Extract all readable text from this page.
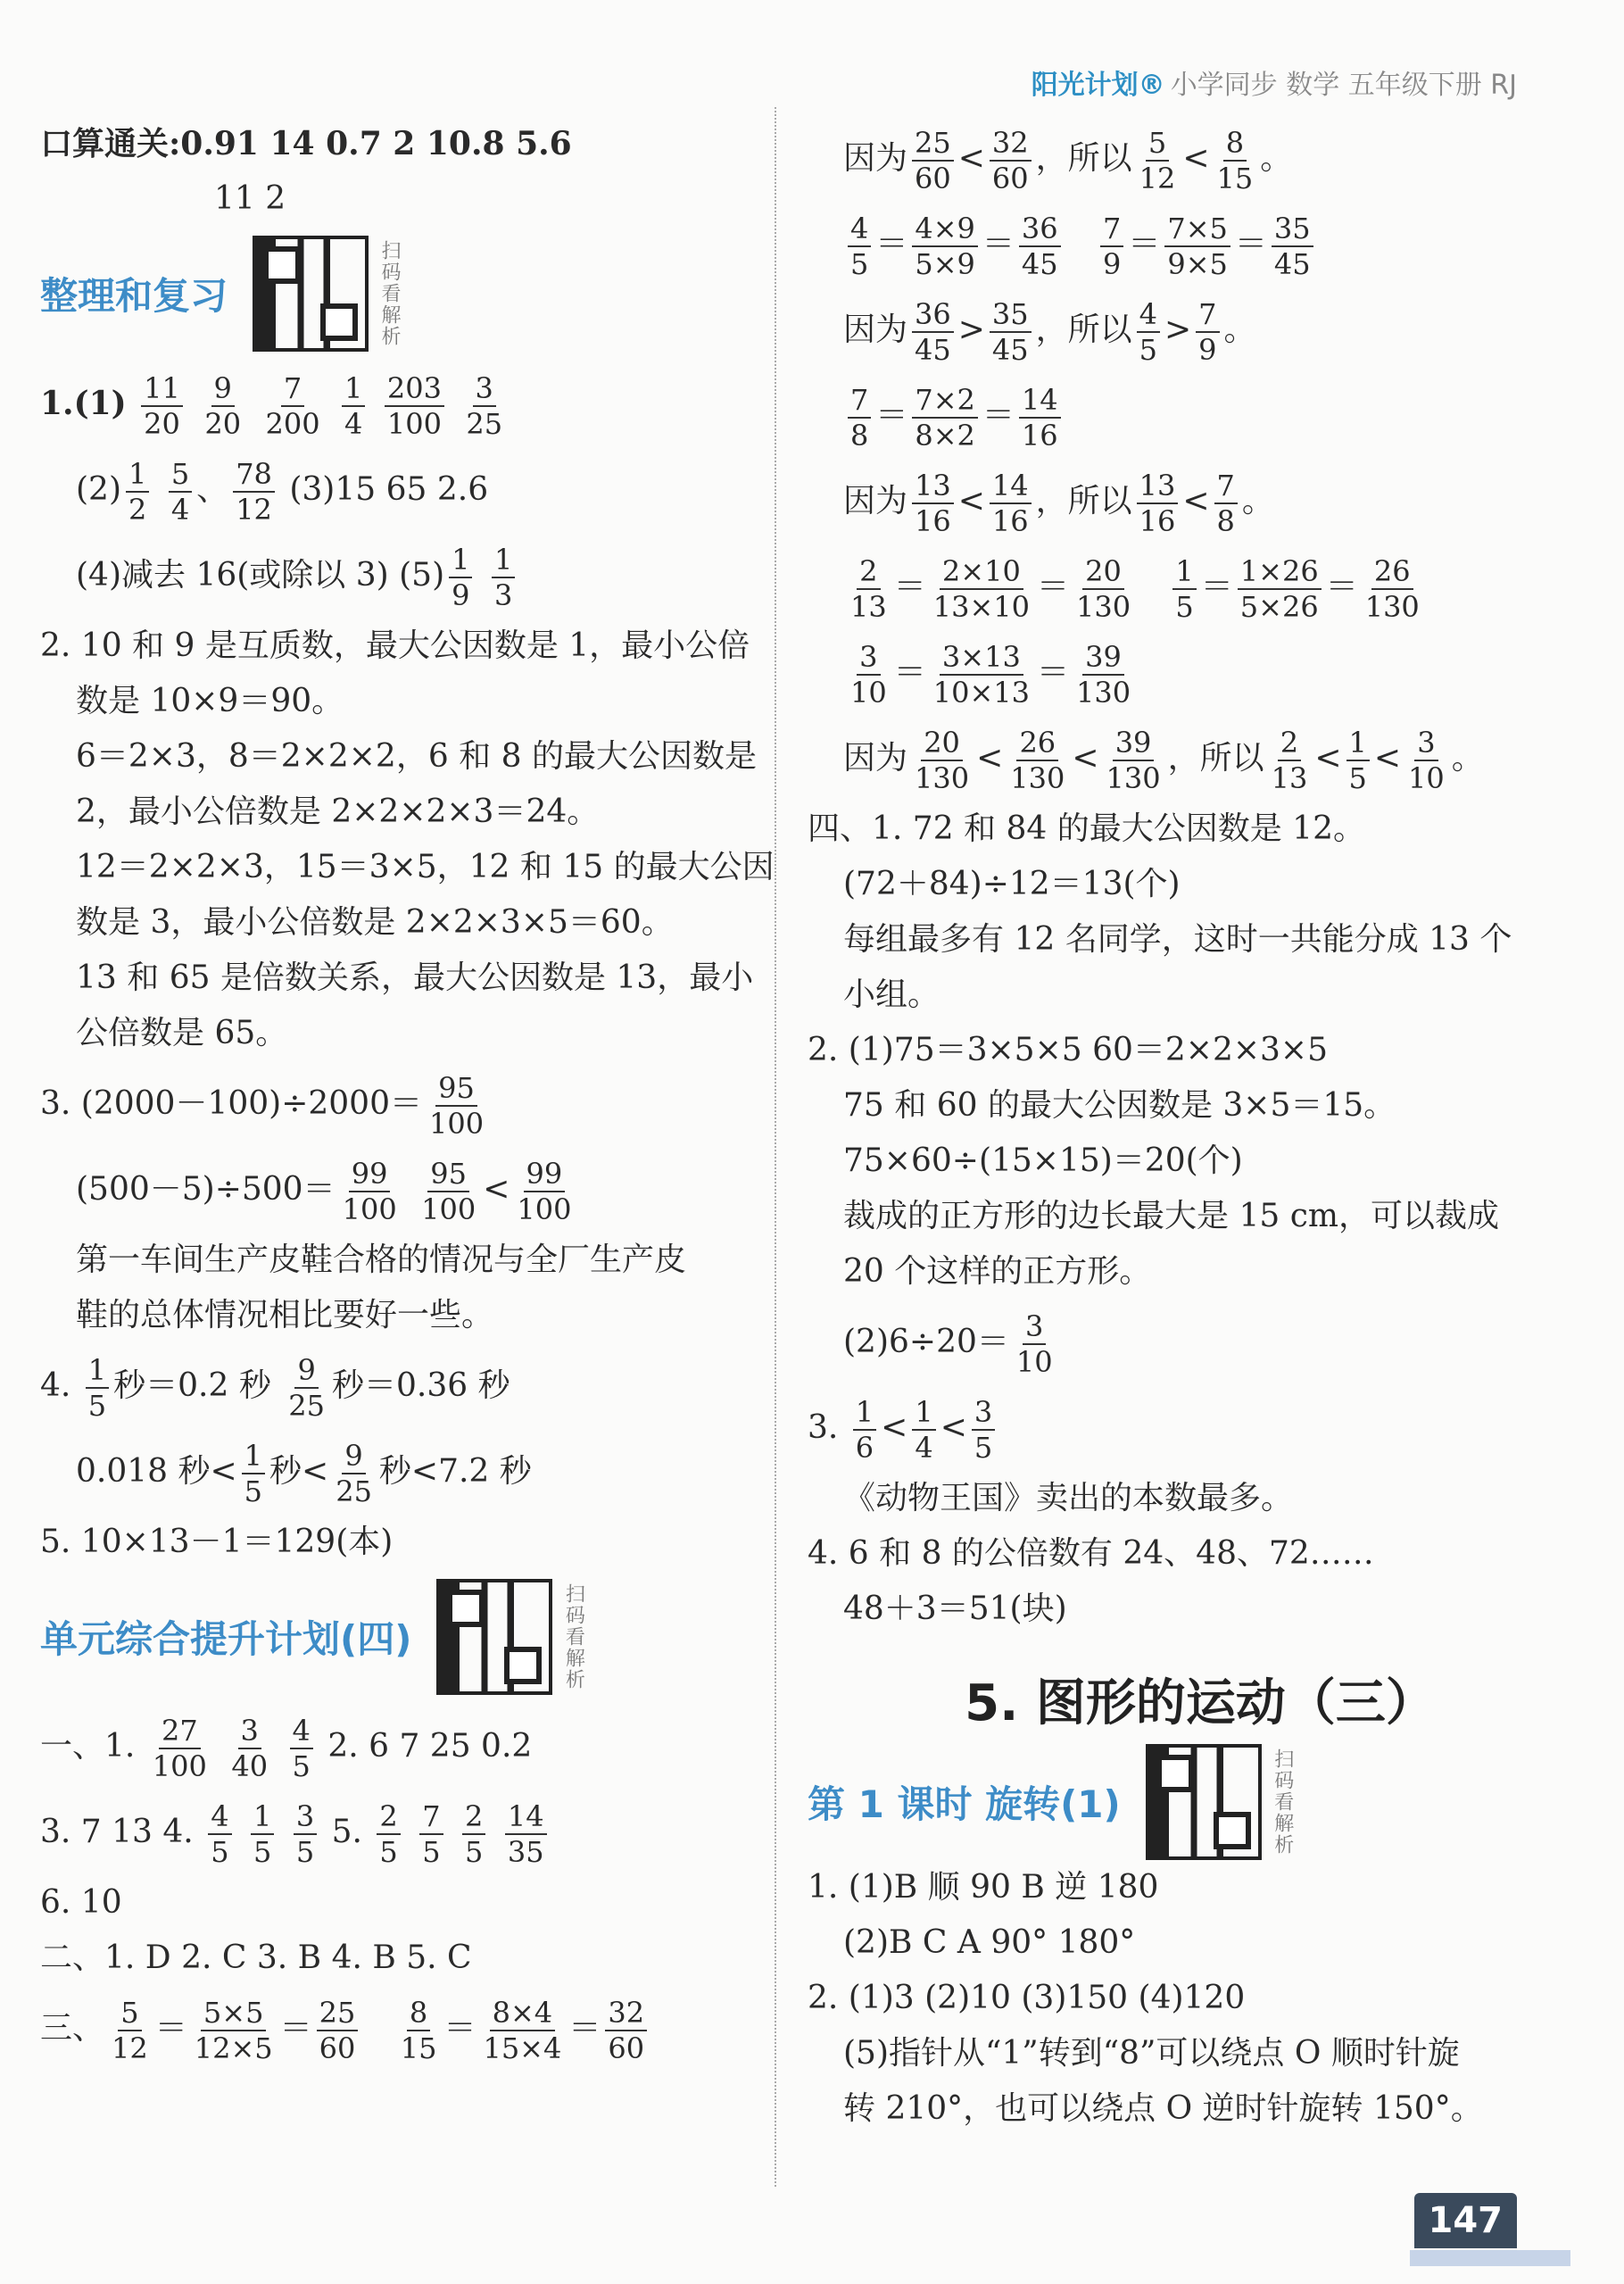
阳光计划® 小学同步 数学 五年级下册 RJ
口算通关:0.91 14 0.7 2 10.8 5.6
11 2
整理和复习	扫码看解析
$1.(1) \frac{11}{20}$
$\frac{9}{20}$
$\frac{7}{200}$
$\frac{1}{4}$
$\frac{203}{100}$
$\frac{3}{25}$
$(2) \frac{1}{2}$
$\frac{5}{4}$ 、 $\frac{78}{12} (3)15$ 65 2.6
(4)减去 16(或除以 3) $(5) \frac{1}{9}$
$\frac{1}{3}$
2. 10 和 9 是互质数，最大公因数是 1，最小公倍
数是 10×9＝90。
6＝2×3，8＝2×2×2，6 和 8 的最大公因数是
2，最小公倍数是 2×2×2×3＝24。
12＝2×2×3，15＝3×5，12 和 15 的最大公因
数是 3，最小公倍数是 2×2×3×5＝60。
13 和 65 是倍数关系，最大公因数是 13，最小
公倍数是 65。
3. $(2000-100)\div 2000= \frac{95}{100}$
$(500-5)\div 500= \frac{99}{100}$
$\frac{95}{100} < \frac{99}{100}$
第一车间生产皮鞋合格的情况与全厂生产皮
鞋的总体情况相比要好一些。
4. $\frac{1}{5}$ 秒＝0.2 秒 $\frac{9}{25}$ 秒＝0.36 秒
0.018 秒< $\frac{1}{5}$ 秒< $\frac{9}{25}$ 秒<7.2 秒
5. 10×13－1＝129(本)
单元综合提升计划(四)	扫码看解析
一、1. $\frac{27}{100}$
$\frac{3}{40}$
$\frac{4}{5} 2$. 6 7 25 0.2
3. 7 13 4. $\frac{4}{5}$
$\frac{1}{5}$
$\frac{3}{5} 5$. $\frac{2}{5}$
$\frac{7}{5}$
$\frac{2}{5}$
$\frac{14}{35}$
6. 10
二、1. D 2. C 3. B 4. B 5. C
三、 $\frac{5}{12} = \frac{5\times 5}{12\times 5} = \frac{25}{60}$
$\frac{8}{15} = \frac{8\times 4}{15\times 4} = \frac{32}{60}$
因为 $\frac{25}{60} < \frac{32}{60}$ ，所以 $\frac{5}{12} < \frac{8}{15}$ 。
$\frac{4}{5} = \frac{4\times 9}{5\times 9} = \frac{36}{45}$
$\frac{7}{9} = \frac{7\times 5}{9\times 5} = \frac{35}{45}$
因为 $\frac{36}{45} > \frac{35}{45}$ ，所以 $\frac{4}{5} > \frac{7}{9}$ 。
$\frac{7}{8} = \frac{7\times 2}{8\times 2} = \frac{14}{16}$
因为 $\frac{13}{16} < \frac{14}{16}$ ，所以 $\frac{13}{16} < \frac{7}{8}$ 。
$\frac{2}{13} = \frac{2\times 10}{13\times 10} = \frac{20}{130}$
$\frac{1}{5} = \frac{1\times 26}{5\times 26} = \frac{26}{130}$
$\frac{3}{10} = \frac{3\times 13}{10\times 13} = \frac{39}{130}$
因为 $\frac{20}{130} < \frac{26}{130} < \frac{39}{130}$ ，所以 $\frac{2}{13} < \frac{1}{5} < \frac{3}{10}$ 。
四、1. 72 和 84 的最大公因数是 12。
(72＋84)÷12＝13(个)
每组最多有 12 名同学，这时一共能分成 13 个
小组。
2. (1)75＝3×5×5 60＝2×2×3×5
75 和 60 的最大公因数是 3×5＝15。
75×60÷(15×15)＝20(个)
裁成的正方形的边长最大是 15 cm，可以裁成
20 个这样的正方形。
$(2)6\div 20= \frac{3}{10}$
3. $\frac{1}{6} < \frac{1}{4} < \frac{3}{5}$
《动物王国》卖出的本数最多。
4. 6 和 8 的公倍数有 24、48、72……
48＋3＝51(块)
5. 图形的运动（三）
第 1 课时 旋转(1)	扫码看解析
1. (1)B 顺 90 B 逆 180
(2)B C A 90° 180°
2. (1)3 (2)10 (3)150 (4)120
(5)指针从“1”转到“8”可以绕点 O 顺时针旋
转 210°，也可以绕点 O 逆时针旋转 150°。
147
